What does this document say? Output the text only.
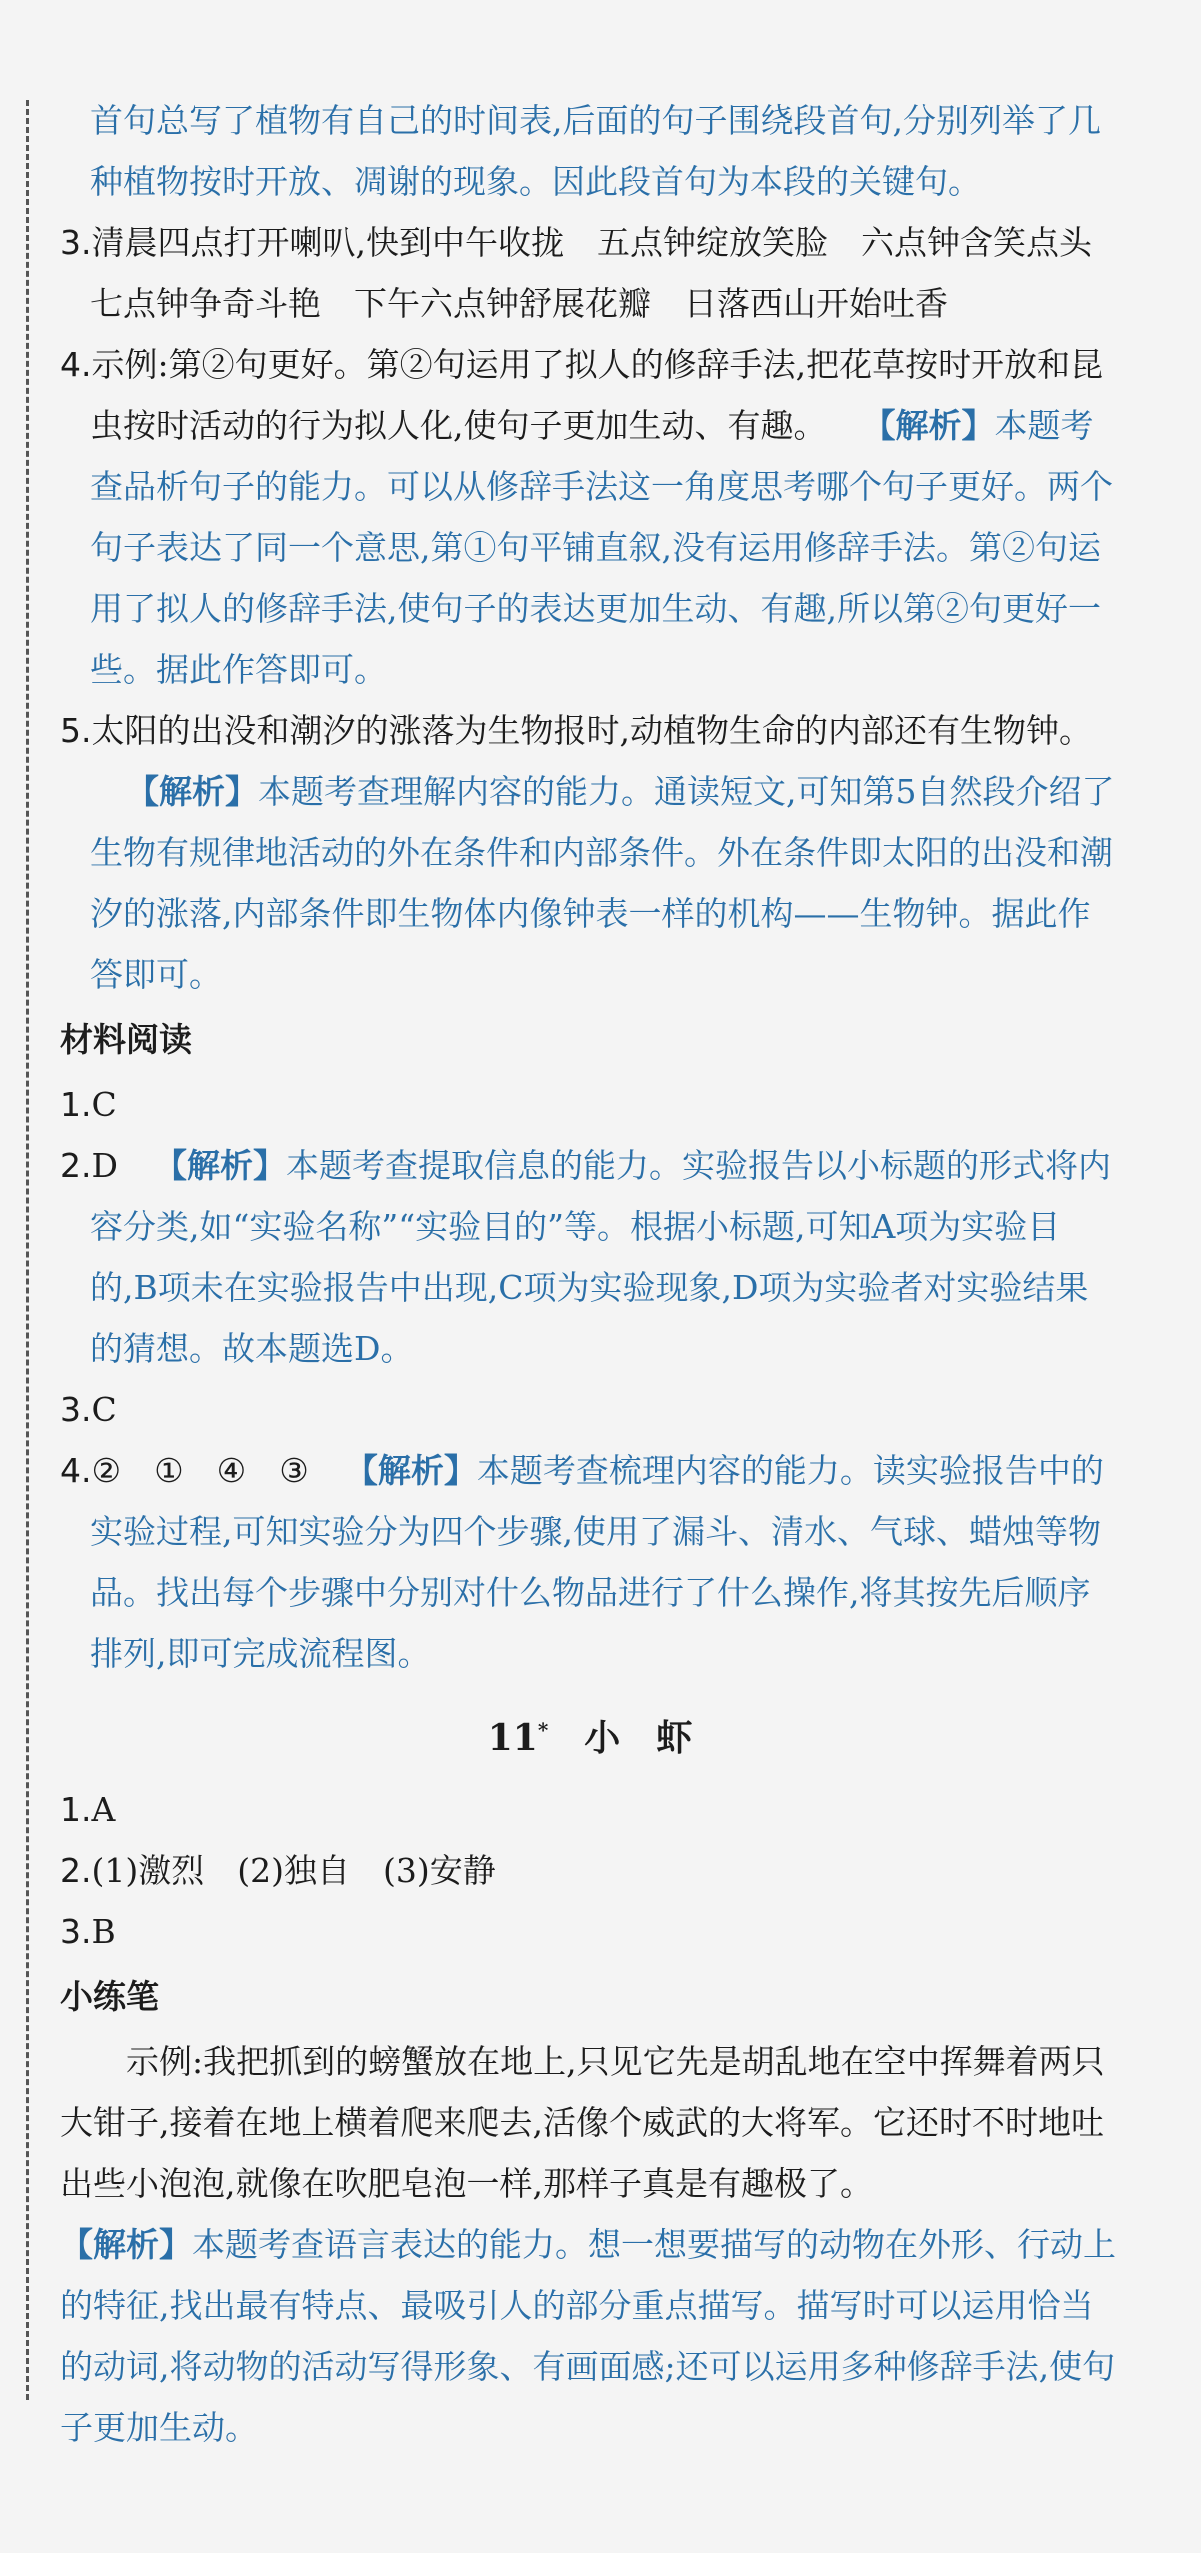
首句总写了植物有自己的时间表,后面的句子围绕段首句,分别列举了几种植物按时开放、凋谢的现象。因此段首句为本段的关键句。

3.清晨四点打开喇叭,快到中午收拢　五点钟绽放笑脸　六点钟含笑点头　七点钟争奇斗艳　下午六点钟舒展花瓣　日落西山开始吐香

4.示例:第②句更好。第②句运用了拟人的修辞手法,把花草按时开放和昆虫按时活动的行为拟人化,使句子更加生动、有趣。 【解析】本题考查品析句子的能力。可以从修辞手法这一角度思考哪个句子更好。两个句子表达了同一个意思,第①句平铺直叙,没有运用修辞手法。第②句运用了拟人的修辞手法,使句子的表达更加生动、有趣,所以第②句更好一些。据此作答即可。

5.太阳的出没和潮汐的涨落为生物报时,动植物生命的内部还有生物钟。【解析】本题考查理解内容的能力。通读短文,可知第5自然段介绍了生物有规律地活动的外在条件和内部条件。外在条件即太阳的出没和潮汐的涨落,内部条件即生物体内像钟表一样的机构——生物钟。据此作答即可。

材料阅读

1.C

2.D 【解析】本题考查提取信息的能力。实验报告以小标题的形式将内容分类,如“实验名称”“实验目的”等。根据小标题,可知A项为实验目的,B项未在实验报告中出现,C项为实验现象,D项为实验者对实验结果的猜想。故本题选D。

3.C

4.②　①　④　③ 【解析】本题考查梳理内容的能力。读实验报告中的实验过程,可知实验分为四个步骤,使用了漏斗、清水、气球、蜡烛等物品。找出每个步骤中分别对什么物品进行了什么操作,将其按先后顺序排列,即可完成流程图。

11* 小　虾

1.A

2.(1)激烈　(2)独自　(3)安静

3.B

小练笔

示例:我把抓到的螃蟹放在地上,只见它先是胡乱地在空中挥舞着两只大钳子,接着在地上横着爬来爬去,活像个威武的大将军。它还时不时地吐出些小泡泡,就像在吹肥皂泡一样,那样子真是有趣极了。

【解析】本题考查语言表达的能力。想一想要描写的动物在外形、行动上的特征,找出最有特点、最吸引人的部分重点描写。描写时可以运用恰当的动词,将动物的活动写得形象、有画面感;还可以运用多种修辞手法,使句子更加生动。
